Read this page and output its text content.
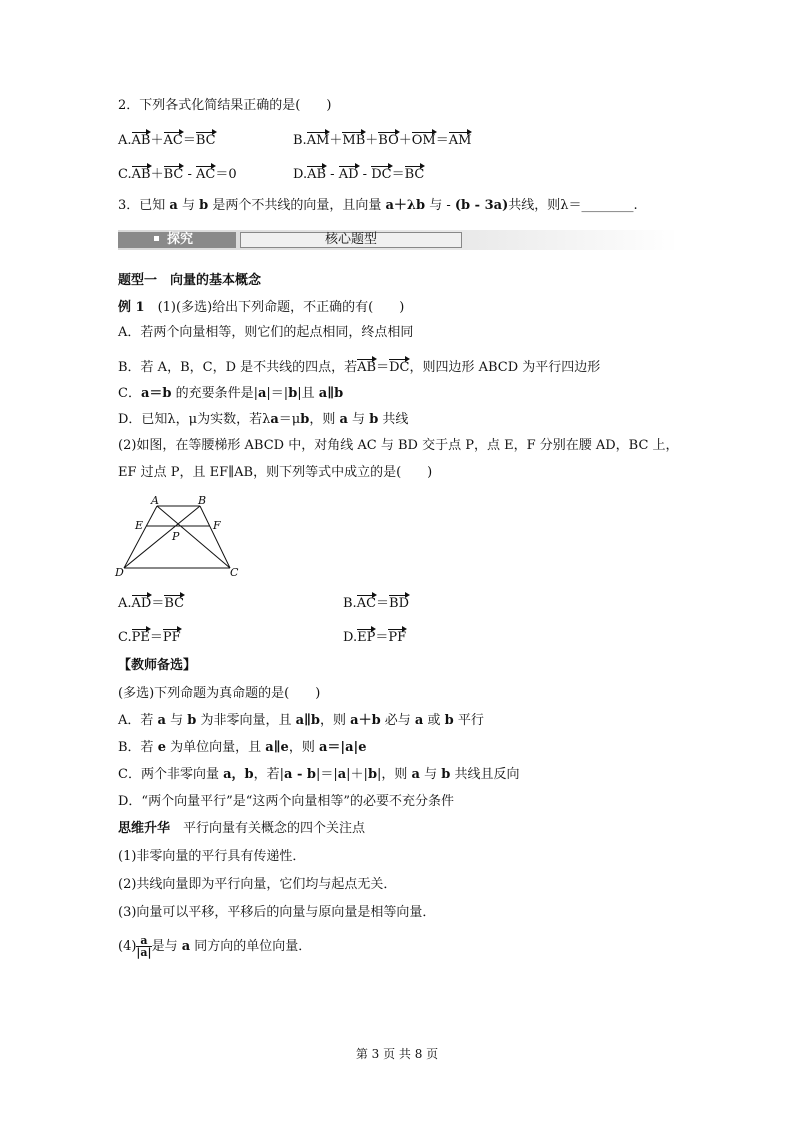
2．下列各式化简结果正确的是(　　)
A.AB＋AC＝BC	B.AM＋MB＋BO＋OM＝AM
C.AB＋BC - AC＝0	D.AB - AD - DC＝BC
3．已知 a 与 b 是两个不共线的向量，且向量 a＋λb 与 - (b - 3a)共线，则λ＝________.
探究	核心题型
题型一　向量的基本概念
例 1　(1)(多选)给出下列命题，不正确的有(　　)
A．若两个向量相等，则它们的起点相同，终点相同
B．若 A，B，C，D 是不共线的四点，若AB＝DC，则四边形 ABCD 为平行四边形
C．a＝b 的充要条件是|a|＝|b|且 a∥b
D．已知λ，μ为实数，若λa＝μb，则 a 与 b 共线
(2)如图，在等腰梯形 ABCD 中，对角线 AC 与 BD 交于点 P，点 E，F 分别在腰 AD，BC 上，
EF 过点 P，且 EF∥AB，则下列等式中成立的是(　　)
A	B
C
D
E	F
P
A.AD＝BC	B.AC＝BD
C.PE＝PF	D.EP＝PF
【教师备选】
(多选)下列命题为真命题的是(　　)
A．若 a 与 b 为非零向量，且 a∥b，则 a＋b 必与 a 或 b 平行
B．若 e 为单位向量，且 a∥e，则 a＝|a|e
C．两个非零向量 a，b，若|a - b|＝|a|＋|b|，则 a 与 b 共线且反向
D．“两个向量平行”是“这两个向量相等”的必要不充分条件
思维升华　平行向量有关概念的四个关注点
(1)非零向量的平行具有传递性．
(2)共线向量即为平行向量，它们均与起点无关．
(3)向量可以平移，平移后的向量与原向量是相等向量．
$(4) \frac{a}{|a|}$ 是与 a 同方向的单位向量．
第 3 页 共 8 页
